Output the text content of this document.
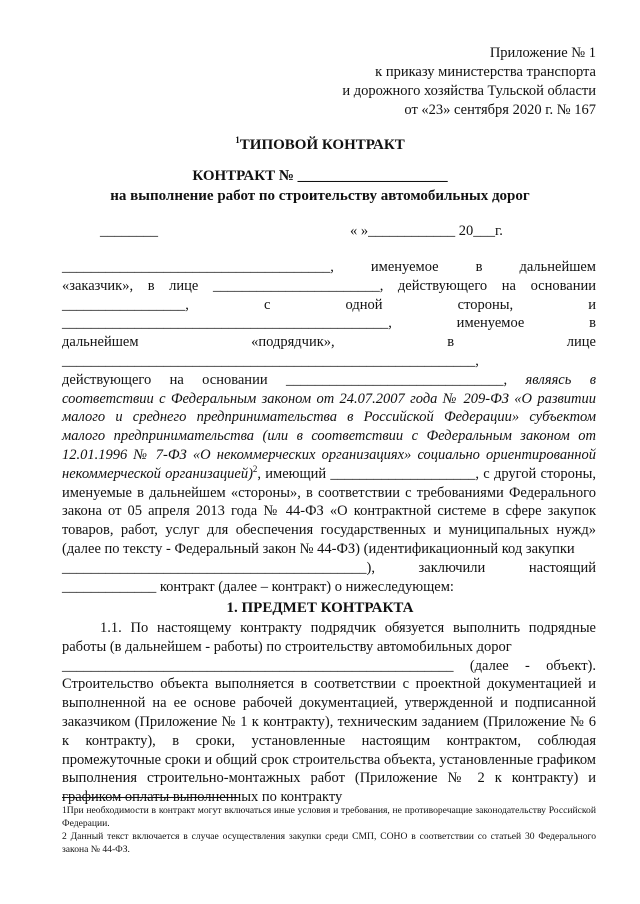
Приложение № 1
к приказу министерства транспорта
и дорожного хозяйства Тульской области
от «23» сентября 2020 г. № 167
$^1$ТИПОВОЙ КОНТРАКТ
КОНТРАКТ № ____________________
на выполнение работ по строительству автомобильных дорог
________	« »____________ 20___г.

_____________________________________, именуемое в дальнейшем

«заказчик», в лице _______________________, действующего на основании

_________________, с одной стороны, и

_____________________________________________, именуемое в

дальнейшем «подрядчик», в лице

_________________________________________________________,

действующего на основании ______________________________, являясь в

соответствии с Федеральным законом от 24.07.2007 года № 209-ФЗ «О развитии малого и среднего предпринимательства в Российской Федерации» субъектом малого предпринимательства (или в соответствии с Федеральным законом от 12.01.1996 № 7-ФЗ «О некоммерческих организациях» социально ориентированной некоммерческой организацией)$^2$, имеющий ____________________, с другой стороны, именуемые в дальнейшем «стороны», в соответствии с требованиями Федерального закона от 05 апреля 2013 года № 44-ФЗ «О контрактной системе в сфере закупок товаров, работ, услуг для обеспечения государственных и муниципальных нужд» (далее по тексту - Федеральный закон № 44-ФЗ) (идентификационный код закупки

__________________________________________), заключили настоящий

_____________ контракт (далее – контракт) о нижеследующем:

1. ПРЕДМЕТ КОНТРАКТА

1.1. По настоящему контракту подрядчик обязуется выполнить подрядные работы (в дальнейшем - работы) по строительству автомобильных дорог

______________________________________________________ (далее - объект).

Строительство объекта выполняется в соответствии с проектной документацией и выполненной на ее основе рабочей документацией, утвержденной и подписанной заказчиком (Приложение № 1 к контракту), техническим заданием (Приложение № 6 к контракту), в сроки, установленные настоящим контрактом, соблюдая промежуточные сроки и общий срок строительства объекта, установленные графиком выполнения строительно-монтажных работ (Приложение № 2 к контракту) и графиком оплаты выполненных по контракту

1При необходимости в контракт могут включаться иные условия и требования, не противоречащие законодательству Российской Федерации.
2 Данный текст включается в случае осуществления закупки среди СМП, СОНО в соответствии со статьей 30 Федерального закона № 44-ФЗ.
